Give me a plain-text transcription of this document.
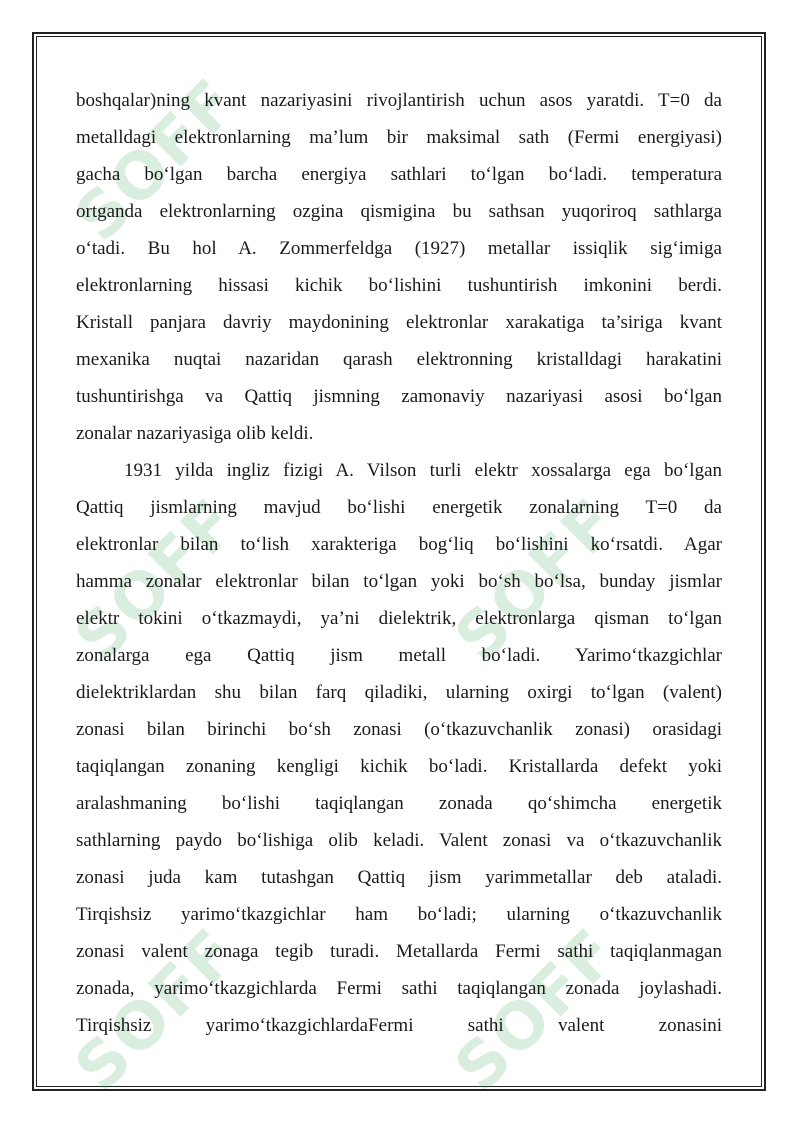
SOFF
SOFF	SOFF
SOFF	SOFF
boshqalar)ning kvant nazariyasini rivojlantirish uchun asos yaratdi. T=0 da
metalldagi elektronlarning ma’lum bir maksimal sath (Fermi energiyasi)
gacha bo‘lgan barcha energiya sathlari to‘lgan bo‘ladi. temperatura
ortganda elektronlarning ozgina qismigina bu sathsan yuqoriroq sathlarga
o‘tadi. Bu hol A. Zommerfeldga (1927) metallar issiqlik sig‘imiga
elektronlarning hissasi kichik bo‘lishini tushuntirish imkonini berdi.
Kristall panjara davriy maydonining elektronlar xarakatiga ta’siriga kvant
mexanika nuqtai nazaridan qarash elektronning kristalldagi harakatini
tushuntirishga va Qattiq jismning zamonaviy nazariyasi asosi bo‘lgan
zonalar nazariyasiga olib keldi.
1931 yilda ingliz fizigi A. Vilson turli elektr xossalarga ega bo‘lgan
Qattiq jismlarning mavjud bo‘lishi energetik zonalarning T=0 da
elektronlar bilan to‘lish xarakteriga bog‘liq bo‘lishini ko‘rsatdi. Agar
hamma zonalar elektronlar bilan to‘lgan yoki bo‘sh bo‘lsa, bunday jismlar
elektr tokini o‘tkazmaydi, ya’ni dielektrik, elektronlarga qisman to‘lgan
zonalarga ega Qattiq jism metall bo‘ladi. Yarimo‘tkazgichlar
dielektriklardan shu bilan farq qiladiki, ularning oxirgi to‘lgan (valent)
zonasi bilan birinchi bo‘sh zonasi (o‘tkazuvchanlik zonasi) orasidagi
taqiqlangan zonaning kengligi kichik bo‘ladi. Kristallarda defekt yoki
aralashmaning bo‘lishi taqiqlangan zonada qo‘shimcha energetik
sathlarning paydo bo‘lishiga olib keladi. Valent zonasi va o‘tkazuvchanlik
zonasi juda kam tutashgan Qattiq jism yarimmetallar deb ataladi.
Tirqishsiz yarimo‘tkazgichlar ham bo‘ladi; ularning o‘tkazuvchanlik
zonasi valent zonaga tegib turadi. Metallarda Fermi sathi taqiqlanmagan
zonada, yarimo‘tkazgichlarda Fermi sathi taqiqlangan zonada joylashadi.
Tirqishsiz yarimo‘tkazgichlardaFermi sathi valent zonasini
